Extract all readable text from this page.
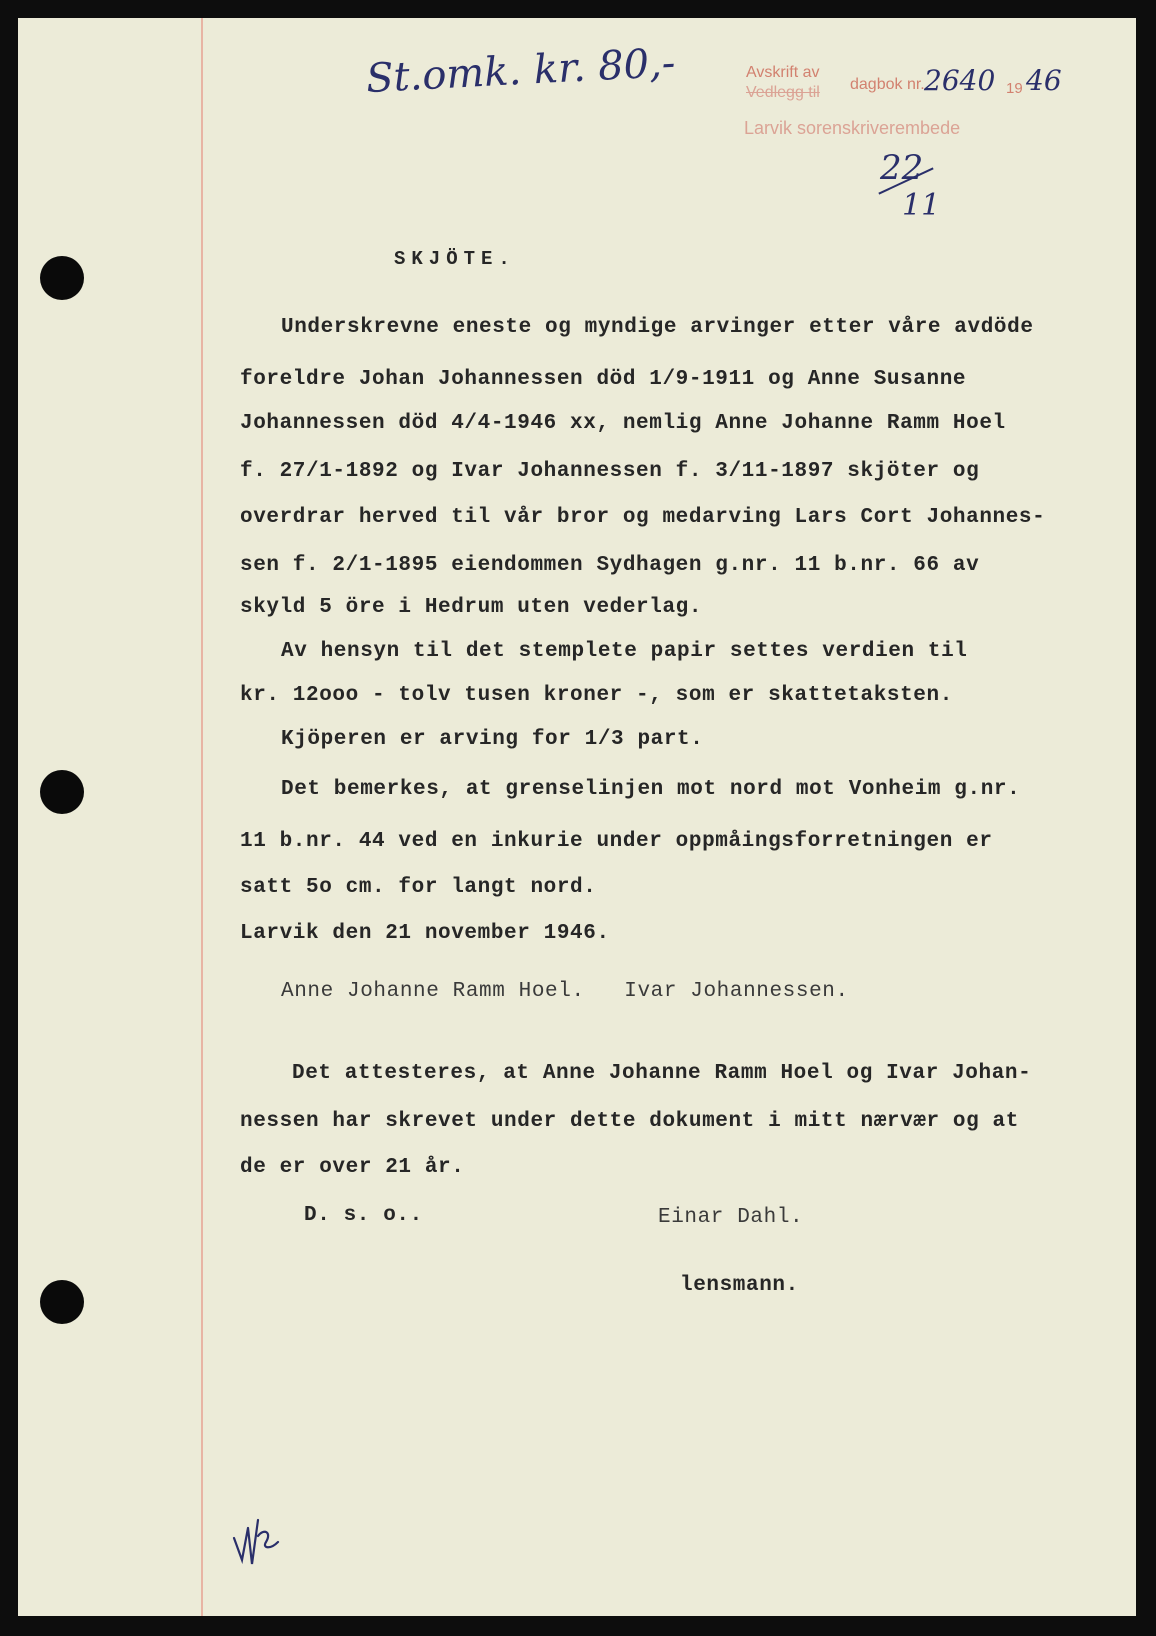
St.omk. kr. 80,-	Avskrift av
Vedlegg til dagbok nr. 2640 19 46
Larvik sorenskriverembede
22
11
SKJÖTE.
Underskrevne eneste og myndige arvinger etter våre avdöde
foreldre Johan Johannessen död 1/9-1911 og Anne Susanne
Johannessen död 4/4-1946 xx, nemlig Anne Johanne Ramm Hoel
f. 27/1-1892 og Ivar Johannessen f. 3/11-1897 skjöter og
overdrar herved til vår bror og medarving Lars Cort Johannes-
sen f. 2/1-1895 eiendommen Sydhagen g.nr. 11 b.nr. 66 av
skyld 5 öre i Hedrum uten vederlag.
Av hensyn til det stemplete papir settes verdien til
kr. 12ooo - tolv tusen kroner -, som er skattetaksten.
Kjöperen er arving for 1/3 part.
Det bemerkes, at grenselinjen mot nord mot Vonheim g.nr.
11 b.nr. 44 ved en inkurie under oppmåingsforretningen er
satt 5o cm. for langt nord.
Larvik den 21 november 1946.
Anne Johanne Ramm Hoel.   Ivar Johannessen.
Det attesteres, at Anne Johanne Ramm Hoel og Ivar Johan-
nessen har skrevet under dette dokument i mitt nærvær og at
de er over 21 år.
D. s. o..	Einar Dahl.
lensmann.
